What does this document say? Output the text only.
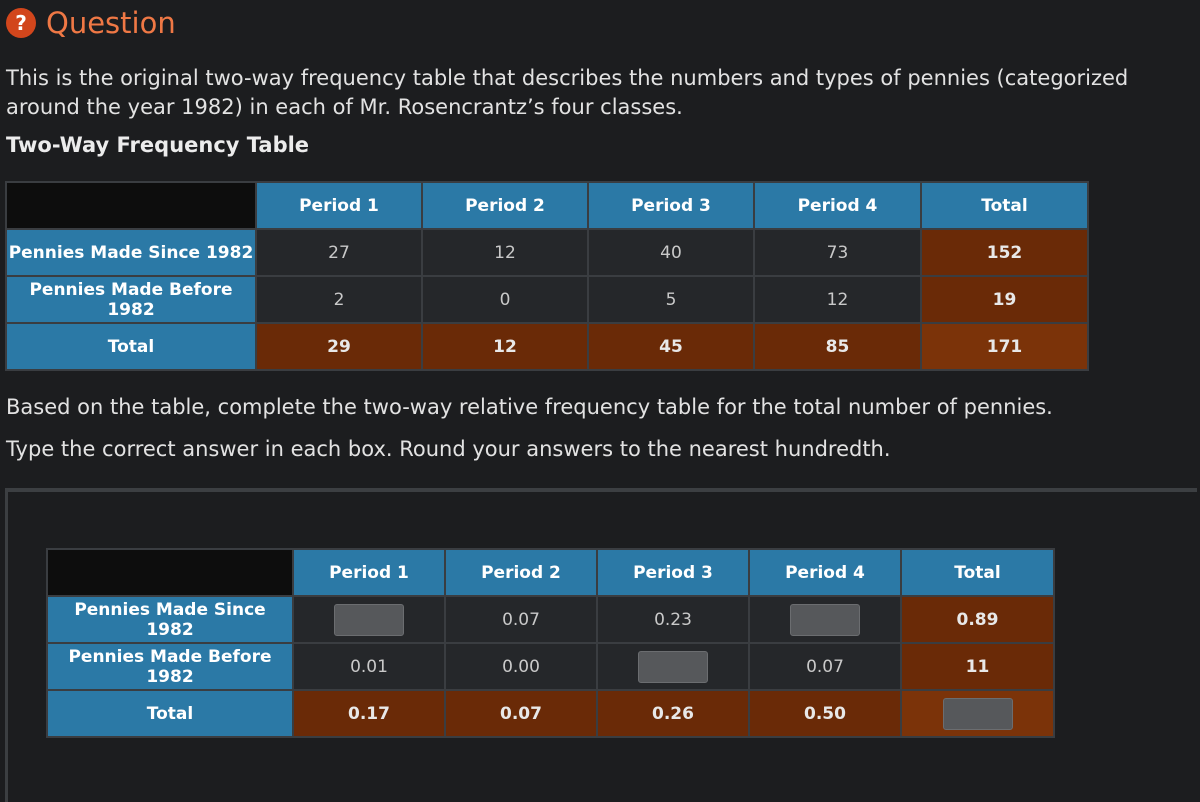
? Question
This is the original two-way frequency table that describes the numbers and types of pennies (categorized around the year 1982) in each of Mr. Rosencrantz’s four classes.
Two-Way Frequency Table
	Period 1	Period 2	Period 3	Period 4	Total
Pennies Made Since 1982	27	12	40	73	152
Pennies Made Before 1982	2	0	5	12	19
Total	29	12	45	85	171
Based on the table, complete the two-way relative frequency table for the total number of pennies.
Type the correct answer in each box. Round your answers to the nearest hundredth.
	Period 1	Period 2	Period 3	Period 4	Total
Pennies Made Since 1982		0.07	0.23		0.89
Pennies Made Before 1982	0.01	0.00		0.07	11
Total	0.17	0.07	0.26	0.50	
